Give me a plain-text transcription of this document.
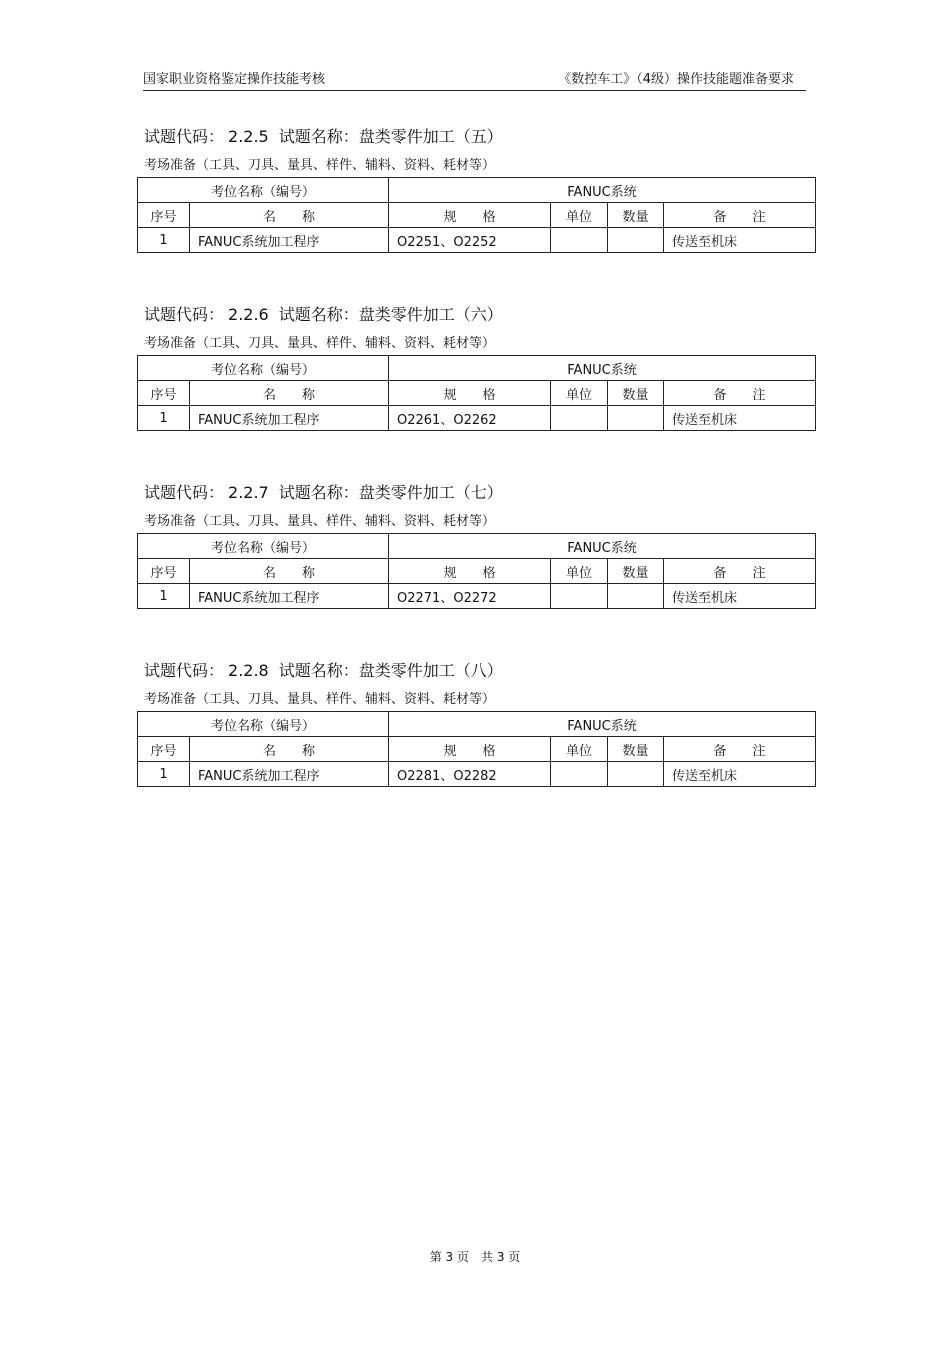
国家职业资格鉴定操作技能考核	《数控车工》（4级）操作技能题准备要求
试题代码： 2.2.5 试题名称：盘类零件加工（五）
考场准备（工具、刀具、量具、样件、辅料、资料、耗材等）
考位名称（编号）		FANUC系统			
序号	名　　称	规　　格	单位	数量	备　　注
1	FANUC系统加工程序	O2251、O2252			传送至机床
试题代码： 2.2.6 试题名称：盘类零件加工（六）
考场准备（工具、刀具、量具、样件、辅料、资料、耗材等）
考位名称（编号）		FANUC系统			
序号	名　　称	规　　格	单位	数量	备　　注
1	FANUC系统加工程序	O2261、O2262			传送至机床
试题代码： 2.2.7 试题名称：盘类零件加工（七）
考场准备（工具、刀具、量具、样件、辅料、资料、耗材等）
考位名称（编号）		FANUC系统			
序号	名　　称	规　　格	单位	数量	备　　注
1	FANUC系统加工程序	O2271、O2272			传送至机床
试题代码： 2.2.8 试题名称：盘类零件加工（八）
考场准备（工具、刀具、量具、样件、辅料、资料、耗材等）
考位名称（编号）		FANUC系统			
序号	名　　称	规　　格	单位	数量	备　　注
1	FANUC系统加工程序	O2281、O2282			传送至机床
第 3 页　共 3 页
